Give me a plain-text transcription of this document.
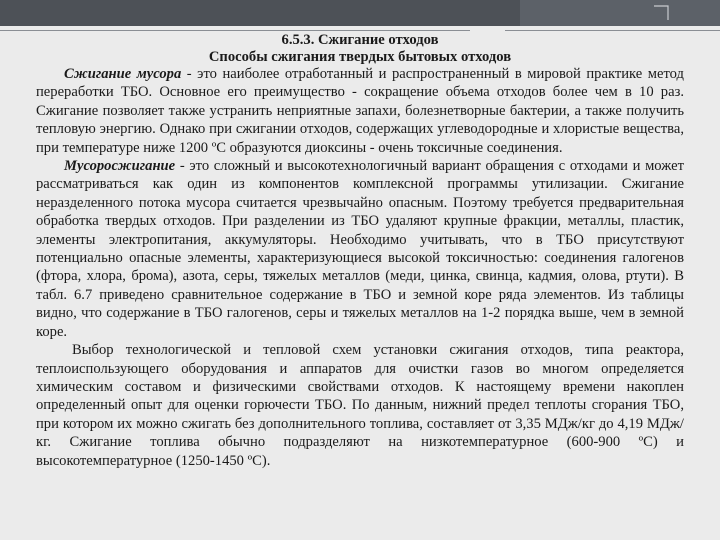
6.5.3. Сжигание отходов

Способы сжигания твердых бытовых отходов

Сжигание мусора - это наиболее отработанный и распространенный в мировой практике метод переработки ТБО. Основное его преимущество - сокращение объема отходов более чем в 10 раз. Сжигание позволяет также устранить неприятные запахи, болезнетворные бактерии, а также получить тепловую энергию. Однако при сжигании отходов, содержащих углеводородные и хлористые вещества, при температуре ниже 1200 ºС образуются диоксины - очень токсичные соединения.

Мусоросжигание - это сложный и высокотехнологичный вариант обращения с отходами и может рассматриваться как один из компонентов комплексной программы утилизации. Сжигание неразделенного потока мусора считается чрезвычайно опасным. Поэтому требуется предварительная обработка твердых отходов. При разделении из ТБО удаляют крупные фракции, металлы, пластик, элементы электропитания, аккумуляторы. Необходимо учитывать, что в ТБО присутствуют потенциально опасные элементы, характеризующиеся высокой токсичностью: соединения галогенов (фтора, хлора, брома), азота, серы, тяжелых металлов (меди, цинка, свинца, кадмия, олова, ртути). В табл. 6.7 приведено сравнительное содержание в ТБО и земной коре ряда элементов. Из таблицы видно, что содержание в ТБО галогенов, серы и тяжелых металлов на 1-2 порядка выше, чем в земной коре.

Выбор технологической и тепловой схем установки сжигания отходов, типа реактора, теплоиспользующего оборудования и аппаратов для очистки газов во многом определяется химическим составом и физическими свойствами отходов. К настоящему времени накоплен определенный опыт для оценки горючести ТБО. По данным, нижний предел теплоты сгорания ТБО, при котором их можно сжигать без дополнительного топлива, составляет от 3,35 МДж/кг до 4,19 МДж/кг. Сжигание топлива обычно подразделяют на низкотемпературное (600-900 ºС) и высокотемпературное (1250-1450 ºС).
